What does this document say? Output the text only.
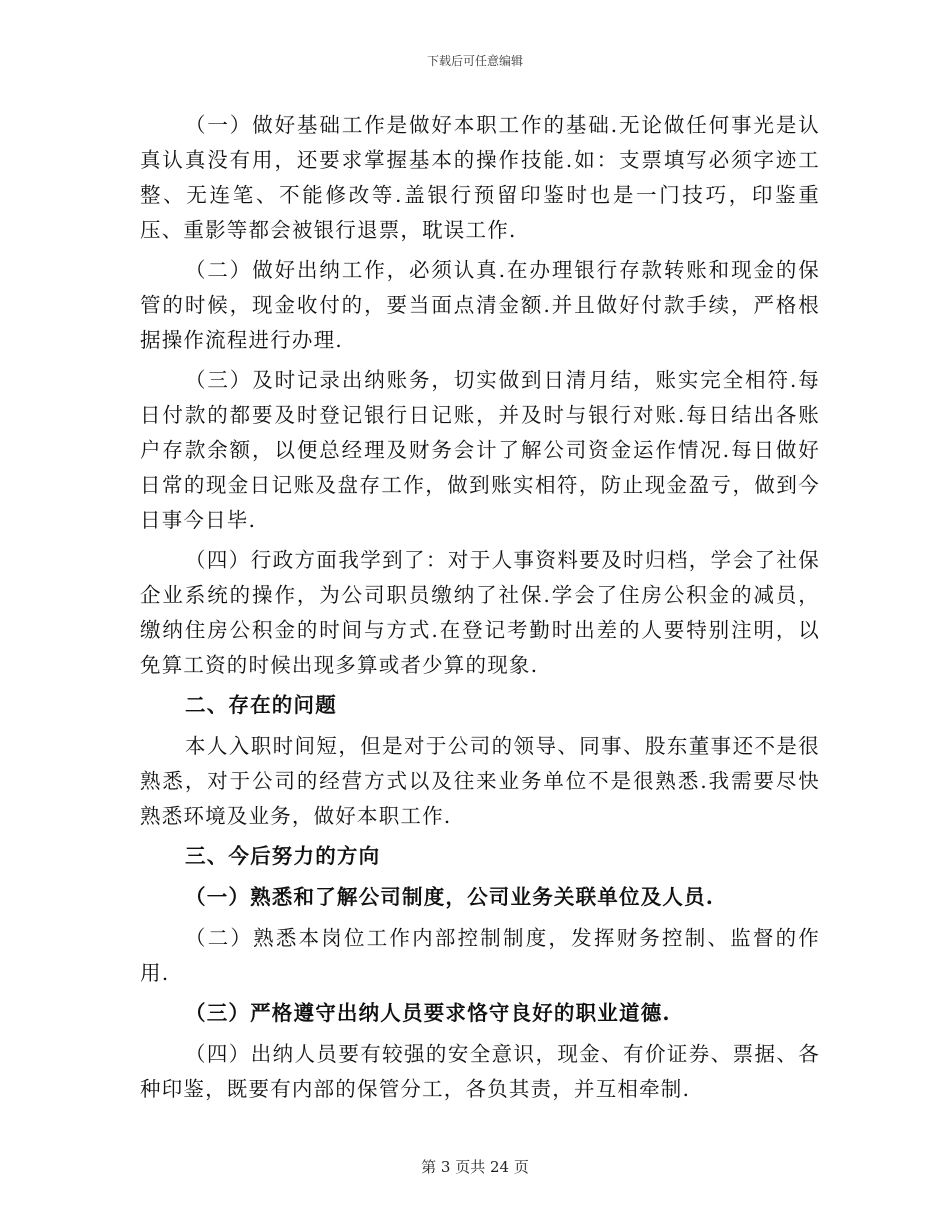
下载后可任意编辑

（一）做好基础工作是做好本职工作的基础.无论做任何事光是认真认真没有用，还要求掌握基本的操作技能.如：支票填写必须字迹工整、无连笔、不能修改等.盖银行预留印鉴时也是一门技巧，印鉴重压、重影等都会被银行退票，耽误工作.

（二）做好出纳工作，必须认真.在办理银行存款转账和现金的保管的时候，现金收付的，要当面点清金额.并且做好付款手续，严格根据操作流程进行办理.

（三）及时记录出纳账务，切实做到日清月结，账实完全相符.每日付款的都要及时登记银行日记账，并及时与银行对账.每日结出各账户存款余额，以便总经理及财务会计了解公司资金运作情况.每日做好日常的现金日记账及盘存工作，做到账实相符，防止现金盈亏，做到今日事今日毕.

（四）行政方面我学到了：对于人事资料要及时归档，学会了社保企业系统的操作，为公司职员缴纳了社保.学会了住房公积金的减员，缴纳住房公积金的时间与方式.在登记考勤时出差的人要特别注明，以免算工资的时候出现多算或者少算的现象.

二、存在的问题

本人入职时间短，但是对于公司的领导、同事、股东董事还不是很熟悉，对于公司的经营方式以及往来业务单位不是很熟悉.我需要尽快熟悉环境及业务，做好本职工作.

三、今后努力的方向

（一）熟悉和了解公司制度，公司业务关联单位及人员.

（二）熟悉本岗位工作内部控制制度，发挥财务控制、监督的作用.

（三）严格遵守出纳人员要求恪守良好的职业道德.

（四）出纳人员要有较强的安全意识，现金、有价证券、票据、各种印鉴，既要有内部的保管分工，各负其责，并互相牵制.

第 3 页共 24 页
